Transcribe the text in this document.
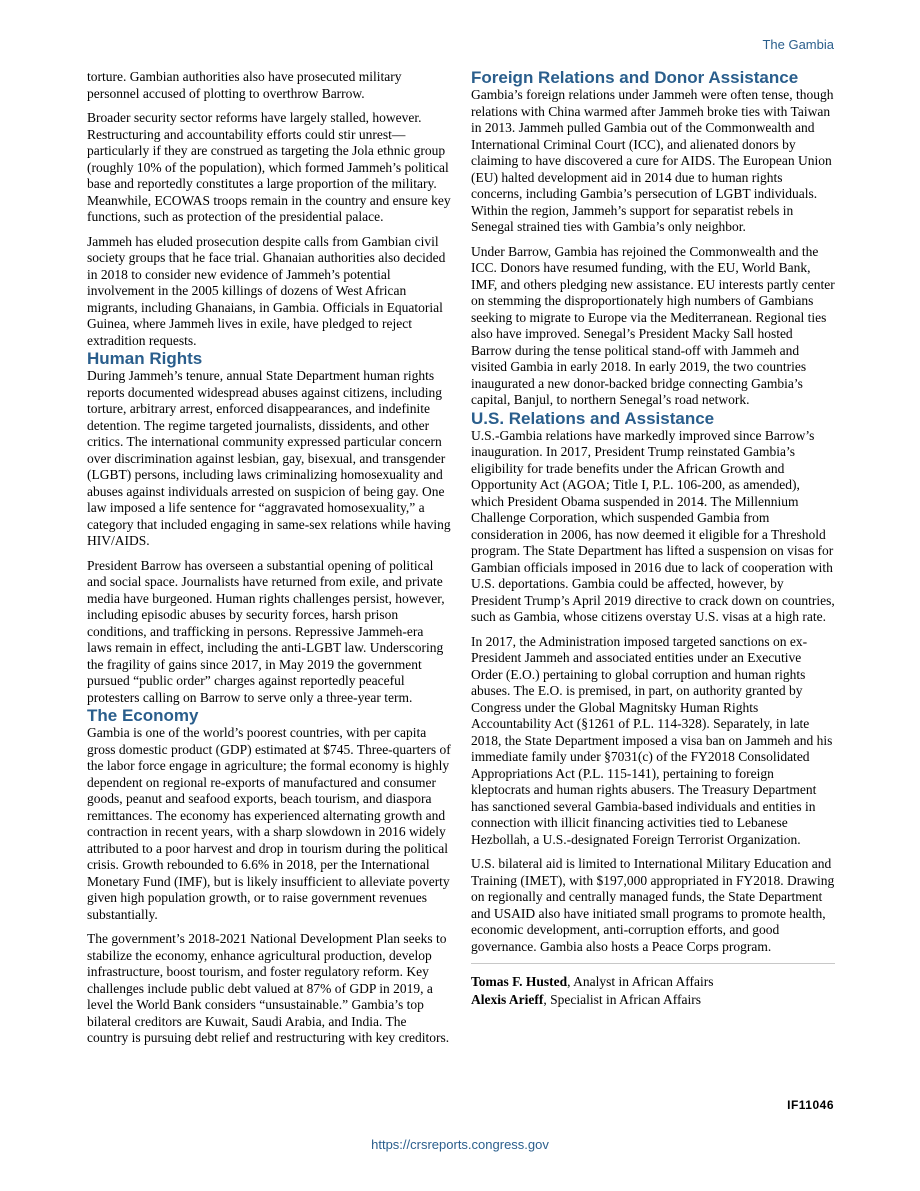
The Gambia

torture. Gambian authorities also have prosecuted military personnel accused of plotting to overthrow Barrow.

Broader security sector reforms have largely stalled, however. Restructuring and accountability efforts could stir unrest—particularly if they are construed as targeting the Jola ethnic group (roughly 10% of the population), which formed Jammeh’s political base and reportedly constitutes a large proportion of the military. Meanwhile, ECOWAS troops remain in the country and ensure key functions, such as protection of the presidential palace.

Jammeh has eluded prosecution despite calls from Gambian civil society groups that he face trial. Ghanaian authorities also decided in 2018 to consider new evidence of Jammeh’s potential involvement in the 2005 killings of dozens of West African migrants, including Ghanaians, in Gambia. Officials in Equatorial Guinea, where Jammeh lives in exile, have pledged to reject extradition requests.

Human Rights

During Jammeh’s tenure, annual State Department human rights reports documented widespread abuses against citizens, including torture, arbitrary arrest, enforced disappearances, and indefinite detention. The regime targeted journalists, dissidents, and other critics. The international community expressed particular concern over discrimination against lesbian, gay, bisexual, and transgender (LGBT) persons, including laws criminalizing homosexuality and abuses against individuals arrested on suspicion of being gay. One law imposed a life sentence for “aggravated homosexuality,” a category that included engaging in same-sex relations while having HIV/AIDS.

President Barrow has overseen a substantial opening of political and social space. Journalists have returned from exile, and private media have burgeoned. Human rights challenges persist, however, including episodic abuses by security forces, harsh prison conditions, and trafficking in persons. Repressive Jammeh-era laws remain in effect, including the anti-LGBT law. Underscoring the fragility of gains since 2017, in May 2019 the government pursued “public order” charges against reportedly peaceful protesters calling on Barrow to serve only a three-year term.

The Economy

Gambia is one of the world’s poorest countries, with per capita gross domestic product (GDP) estimated at $745. Three-quarters of the labor force engage in agriculture; the formal economy is highly dependent on regional re-exports of manufactured and consumer goods, peanut and seafood exports, beach tourism, and diaspora remittances. The economy has experienced alternating growth and contraction in recent years, with a sharp slowdown in 2016 widely attributed to a poor harvest and drop in tourism during the political crisis. Growth rebounded to 6.6% in 2018, per the International Monetary Fund (IMF), but is likely insufficient to alleviate poverty given high population growth, or to raise government revenues substantially.

The government’s 2018-2021 National Development Plan seeks to stabilize the economy, enhance agricultural production, develop infrastructure, boost tourism, and foster regulatory reform. Key challenges include public debt valued at 87% of GDP in 2019, a level the World Bank considers “unsustainable.” Gambia’s top bilateral creditors are Kuwait, Saudi Arabia, and India. The country is pursuing debt relief and restructuring with key creditors.

Foreign Relations and Donor Assistance

Gambia’s foreign relations under Jammeh were often tense, though relations with China warmed after Jammeh broke ties with Taiwan in 2013. Jammeh pulled Gambia out of the Commonwealth and International Criminal Court (ICC), and alienated donors by claiming to have discovered a cure for AIDS. The European Union (EU) halted development aid in 2014 due to human rights concerns, including Gambia’s persecution of LGBT individuals. Within the region, Jammeh’s support for separatist rebels in Senegal strained ties with Gambia’s only neighbor.

Under Barrow, Gambia has rejoined the Commonwealth and the ICC. Donors have resumed funding, with the EU, World Bank, IMF, and others pledging new assistance. EU interests partly center on stemming the disproportionately high numbers of Gambians seeking to migrate to Europe via the Mediterranean. Regional ties also have improved. Senegal’s President Macky Sall hosted Barrow during the tense political stand-off with Jammeh and visited Gambia in early 2018. In early 2019, the two countries inaugurated a new donor-backed bridge connecting Gambia’s capital, Banjul, to northern Senegal’s road network.

U.S. Relations and Assistance

U.S.-Gambia relations have markedly improved since Barrow’s inauguration. In 2017, President Trump reinstated Gambia’s eligibility for trade benefits under the African Growth and Opportunity Act (AGOA; Title I, P.L. 106-200, as amended), which President Obama suspended in 2014. The Millennium Challenge Corporation, which suspended Gambia from consideration in 2006, has now deemed it eligible for a Threshold program. The State Department has lifted a suspension on visas for Gambian officials imposed in 2016 due to lack of cooperation with U.S. deportations. Gambia could be affected, however, by President Trump’s April 2019 directive to crack down on countries, such as Gambia, whose citizens overstay U.S. visas at a high rate.

In 2017, the Administration imposed targeted sanctions on ex-President Jammeh and associated entities under an Executive Order (E.O.) pertaining to global corruption and human rights abuses. The E.O. is premised, in part, on authority granted by Congress under the Global Magnitsky Human Rights Accountability Act (§1261 of P.L. 114-328). Separately, in late 2018, the State Department imposed a visa ban on Jammeh and his immediate family under §7031(c) of the FY2018 Consolidated Appropriations Act (P.L. 115-141), pertaining to foreign kleptocrats and human rights abusers. The Treasury Department has sanctioned several Gambia-based individuals and entities in connection with illicit financing activities tied to Lebanese Hezbollah, a U.S.-designated Foreign Terrorist Organization.

U.S. bilateral aid is limited to International Military Education and Training (IMET), with $197,000 appropriated in FY2018. Drawing on regionally and centrally managed funds, the State Department and USAID also have initiated small programs to promote health, economic development, anti-corruption efforts, and good governance. Gambia also hosts a Peace Corps program.

Tomas F. Husted, Analyst in African Affairs

Alexis Arieff, Specialist in African Affairs

IF11046
https://crsreports.congress.gov
